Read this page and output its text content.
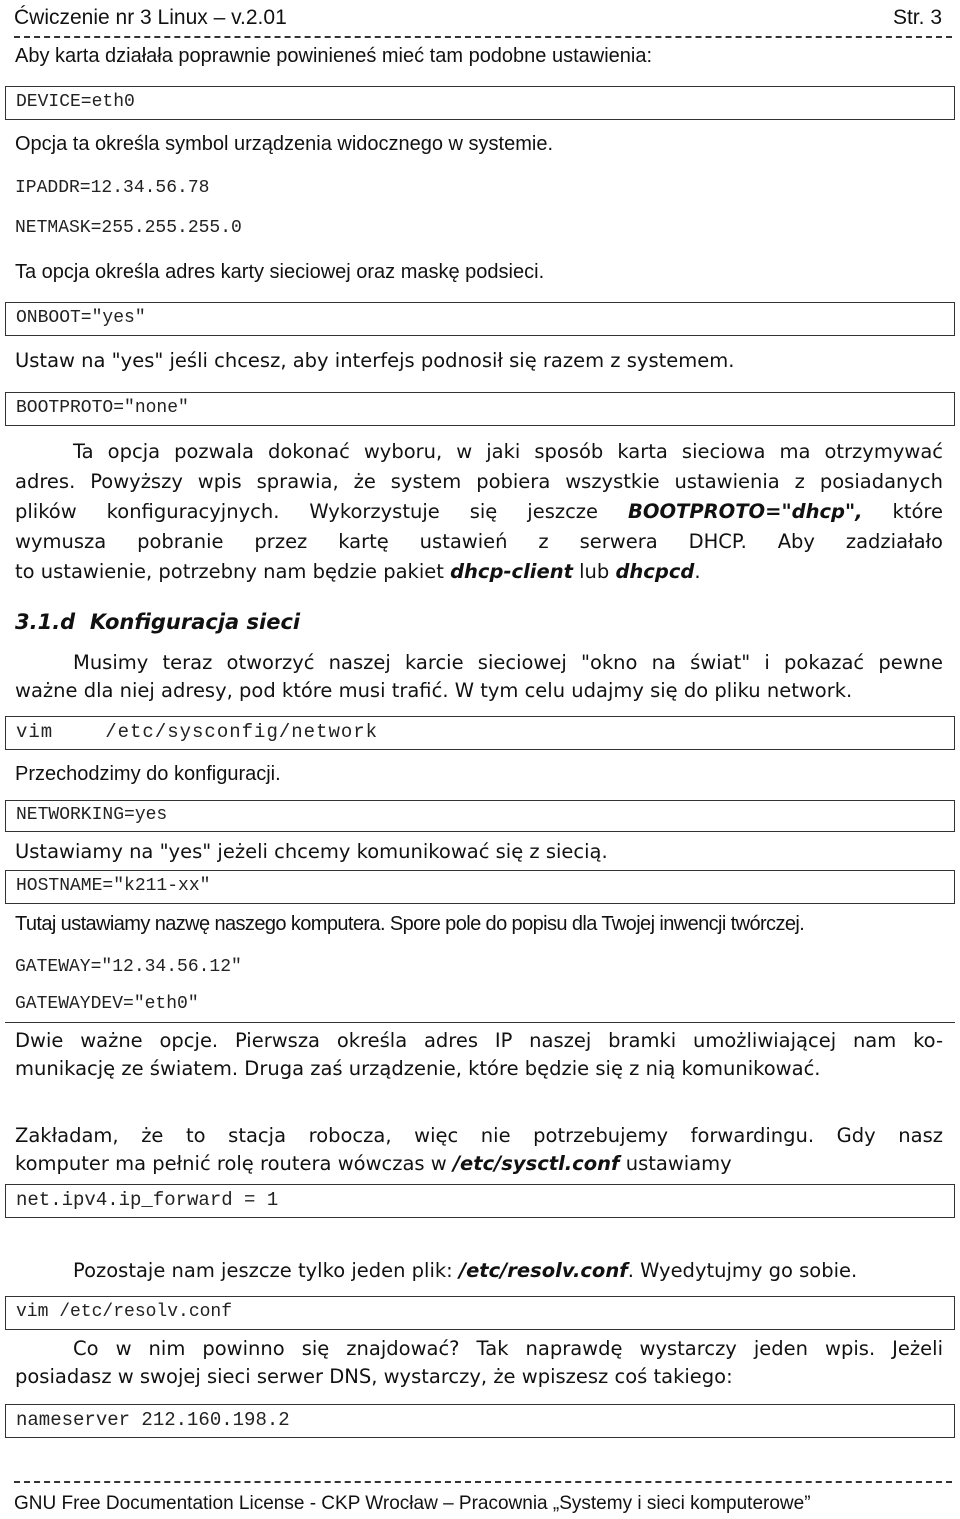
Ćwiczenie nr 3 Linux – v.2.01	Str. 3
Aby karta działała poprawnie powinieneś mieć tam podobne ustawienia:
DEVICE=eth0
Opcja ta określa symbol urządzenia widocznego w systemie.
IPADDR=12.34.56.78
NETMASK=255.255.255.0
Ta opcja określa adres karty sieciowej oraz maskę podsieci.
ONBOOT="yes"
Ustaw na "yes" jeśli chcesz, aby interfejs podnosił się razem z systemem.
BOOTPROTO="none"
Ta opcja pozwala dokonać wyboru, w jaki sposób karta sieciowa ma otrzymywać
adres. Powyższy wpis sprawia, że system pobiera wszystkie ustawienia z posiadanych
plików konfiguracyjnych. Wykorzystuje się jeszcze BOOTPROTO="dhcp", które
wymusza pobranie przez kartę ustawień z serwera DHCP. Aby zadziałało
to ustawienie, potrzebny nam będzie pakiet dhcp-client lub dhcpcd.
3.1.d Konfiguracja sieci
Musimy teraz otworzyć naszej karcie sieciowej "okno na świat" i pokazać pewne
ważne dla niej adresy, pod które musi trafić. W tym celu udajmy się do pliku network.
vim	/etc/sysconfig/network
Przechodzimy do konfiguracji.
NETWORKING=yes
Ustawiamy na "yes" jeżeli chcemy komunikować się z siecią.
HOSTNAME="k211-xx"
Tutaj ustawiamy nazwę naszego komputera. Spore pole do popisu dla Twojej inwencji twórczej.
GATEWAY="12.34.56.12"
GATEWAYDEV="eth0"
Dwie ważne opcje. Pierwsza określa adres IP naszej bramki umożliwiającej nam ko-
munikację ze światem. Druga zaś urządzenie, które będzie się z nią komunikować.
Zakładam, że to stacja robocza, więc nie potrzebujemy forwardingu. Gdy nasz
komputer ma pełnić rolę routera wówczas w /etc/sysctl.conf ustawiamy
net.ipv4.ip_forward = 1
Pozostaje nam jeszcze tylko jeden plik: /etc/resolv.conf. Wyedytujmy go sobie.
vim /etc/resolv.conf
Co w nim powinno się znajdować? Tak naprawdę wystarczy jeden wpis. Jeżeli
posiadasz w swojej sieci serwer DNS, wystarczy, że wpiszesz coś takiego:
nameserver 212.160.198.2
GNU Free Documentation License - CKP Wrocław – Pracownia „Systemy i sieci komputerowe”
